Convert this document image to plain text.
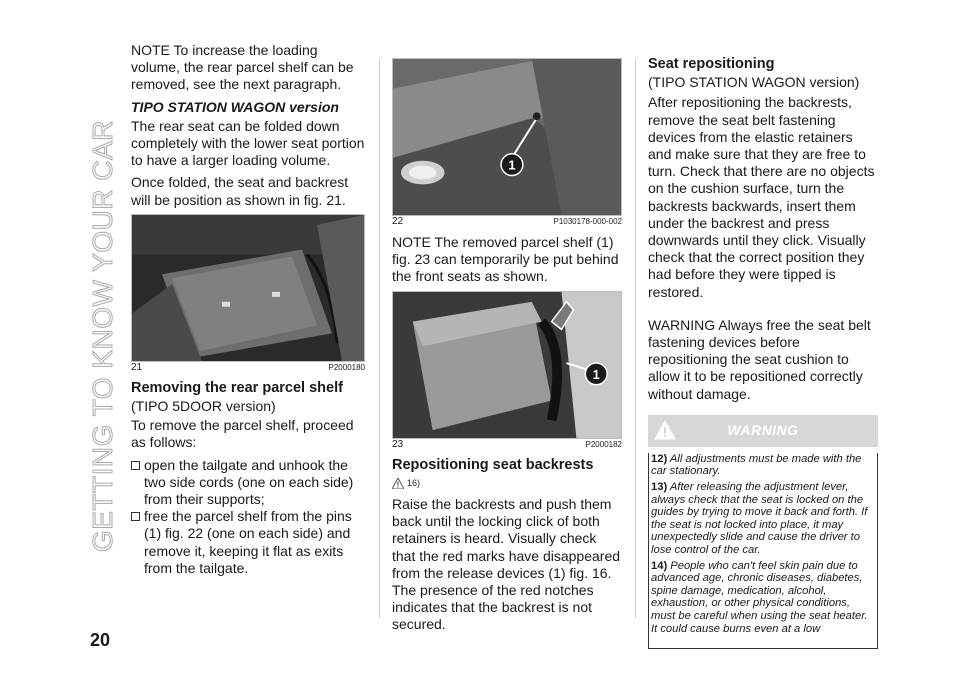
GETTING TO KNOW YOUR CAR
20

NOTE To increase the loading volume, the rear parcel shelf can be removed, see the next paragraph.

TIPO STATION WAGON version

The rear seat can be folded down completely with the lower seat portion to have a larger loading volume.

Once folded, the seat and backrest will be position as shown in fig. 21.

21	P2000180
Removing the rear parcel shelf

(TIPO 5DOOR version)

To remove the parcel shelf, proceed as follows:

open the tailgate and unhook the two side cords (one on each side) from their supports;
free the parcel shelf from the pins (1) fig. 22 (one on each side) and remove it, keeping it flat as exits from the tailgate.
1
22	P1030178-000-002

NOTE The removed parcel shelf (1) fig. 23 can temporarily be put behind the front seats as shown.

1
23	P2000182
Repositioning seat backrests
16)

Raise the backrests and push them back until the locking click of both retainers is heard. Visually check that the red marks have disappeared from the release devices (1) fig. 16. The presence of the red notches indicates that the backrest is not secured.

Seat repositioning

(TIPO STATION WAGON version)

After repositioning the backrests, remove the seat belt fastening devices from the elastic retainers and make sure that they are free to turn. Check that there are no objects on the cushion surface, turn the backrests backwards, insert them under the backrest and press downwards until they click. Visually check that the correct position they had before they were tipped is restored.

WARNING Always free the seat belt fastening devices before repositioning the seat cushion to allow it to be repositioned correctly without damage.

WARNING
12) All adjustments must be made with the car stationary.
13) After releasing the adjustment lever, always check that the seat is locked on the guides by trying to move it back and forth. If the seat is not locked into place, it may unexpectedly slide and cause the driver to lose control of the car.
14) People who can't feel skin pain due to advanced age, chronic diseases, diabetes, spine damage, medication, alcohol, exhaustion, or other physical conditions, must be careful when using the seat heater. It could cause burns even at a low
